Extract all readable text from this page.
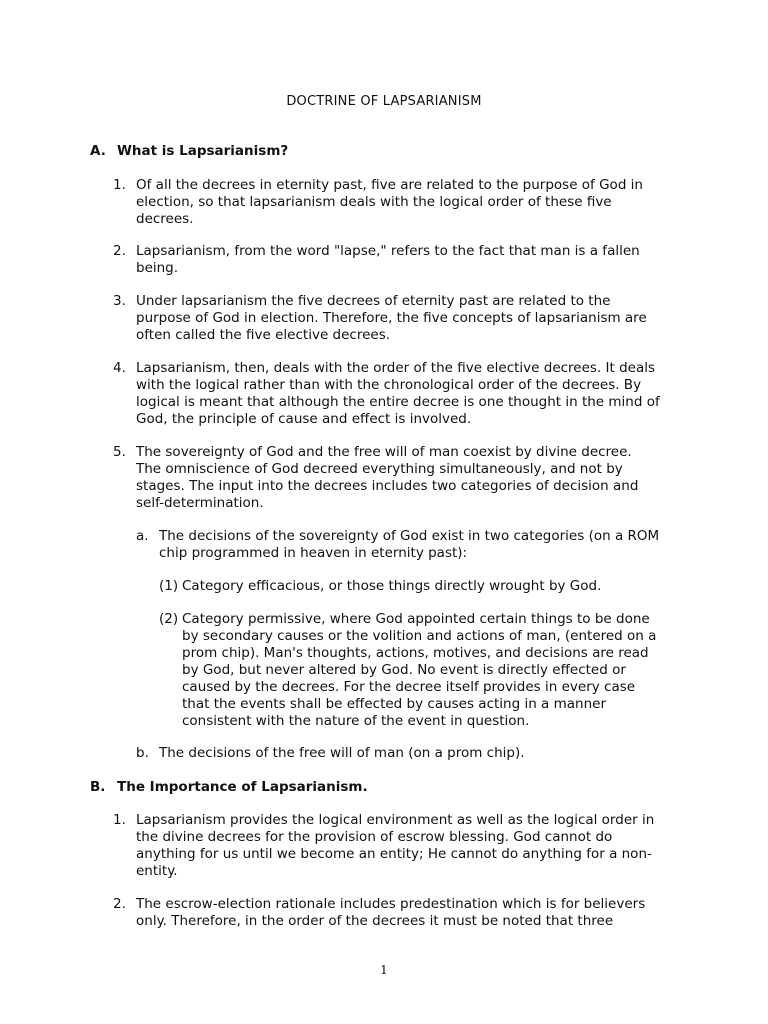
DOCTRINE OF LAPSARIANISM
A. What is Lapsarianism?
1. Of all the decrees in eternity past, five are related to the purpose of God in
election, so that lapsarianism deals with the logical order of these five
decrees.
2. Lapsarianism, from the word "lapse," refers to the fact that man is a fallen
being.
3. Under lapsarianism the five decrees of eternity past are related to the
purpose of God in election. Therefore, the five concepts of lapsarianism are
often called the five elective decrees.
4. Lapsarianism, then, deals with the order of the five elective decrees. It deals
with the logical rather than with the chronological order of the decrees. By
logical is meant that although the entire decree is one thought in the mind of
God, the principle of cause and effect is involved.
5. The sovereignty of God and the free will of man coexist by divine decree.
The omniscience of God decreed everything simultaneously, and not by
stages. The input into the decrees includes two categories of decision and
self-determination.
a. The decisions of the sovereignty of God exist in two categories (on a ROM
chip programmed in heaven in eternity past):
(1) Category efficacious, or those things directly wrought by God.
(2) Category permissive, where God appointed certain things to be done
by secondary causes or the volition and actions of man, (entered on a
prom chip). Man's thoughts, actions, motives, and decisions are read
by God, but never altered by God. No event is directly effected or
caused by the decrees. For the decree itself provides in every case
that the events shall be effected by causes acting in a manner
consistent with the nature of the event in question.
b. The decisions of the free will of man (on a prom chip).
B. The Importance of Lapsarianism.
1. Lapsarianism provides the logical environment as well as the logical order in
the divine decrees for the provision of escrow blessing. God cannot do
anything for us until we become an entity; He cannot do anything for a non-
entity.
2. The escrow-election rationale includes predestination which is for believers
only. Therefore, in the order of the decrees it must be noted that three
1
